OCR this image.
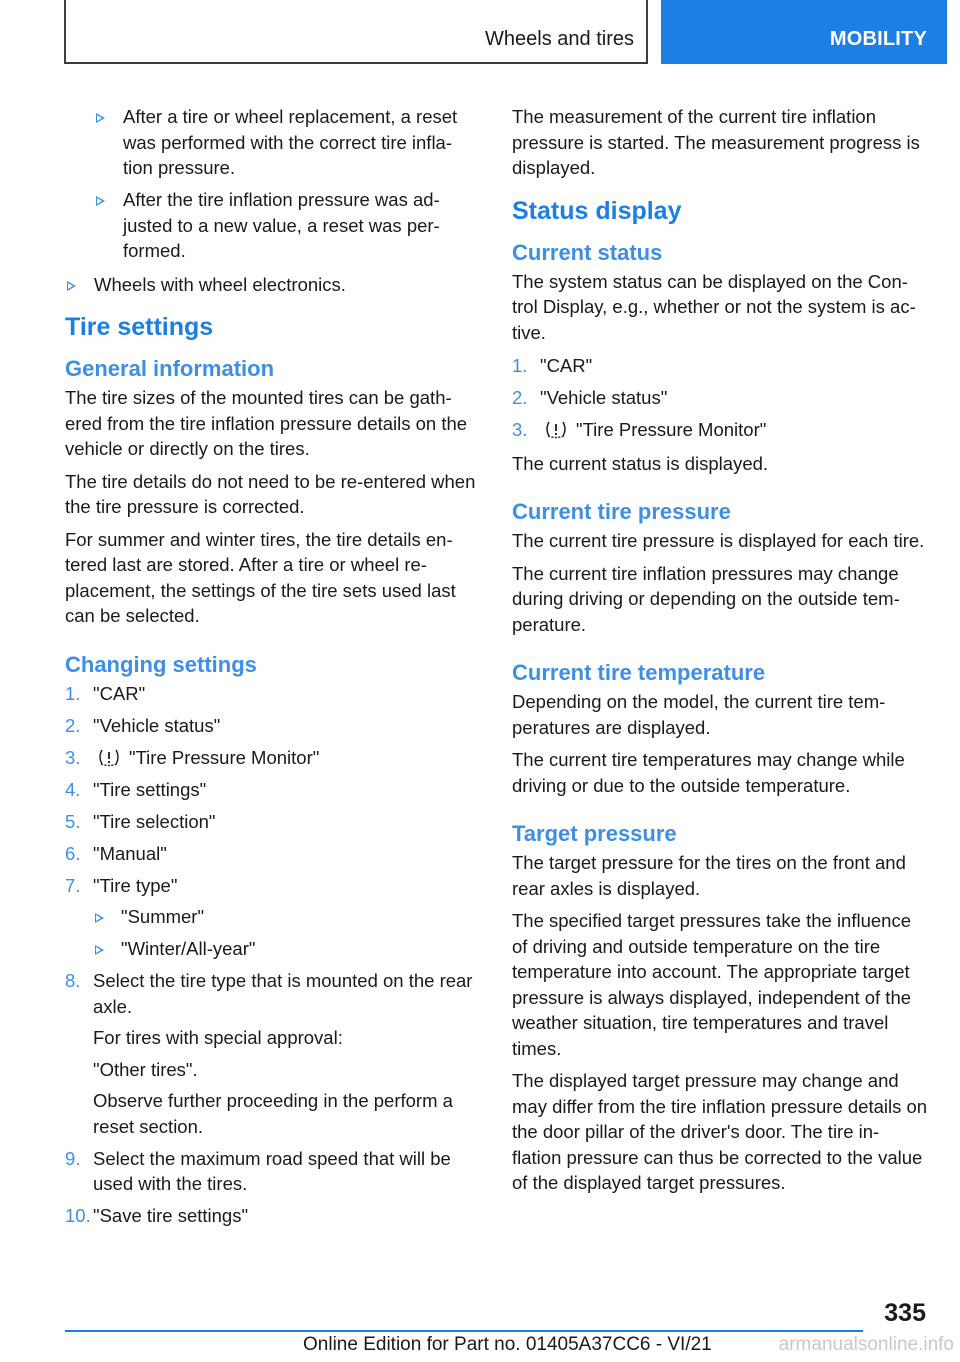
Wheels and tires	MOBILITY
After a tire or wheel replacement, a reset was performed with the correct tire infla- tion pressure.
After the tire inflation pressure was ad- justed to a new value, a reset was per- formed.
Wheels with wheel electronics.
Tire settings
General information

The tire sizes of the mounted tires can be gath- ered from the tire inflation pressure details on the vehicle or directly on the tires.

The tire details do not need to be re-entered when the tire pressure is corrected.

For summer and winter tires, the tire details en- tered last are stored. After a tire or wheel re- placement, the settings of the tire sets used last can be selected.

Changing settings
1. "CAR"
2. "Vehicle status"
3.	"Tire Pressure Monitor"
4. "Tire settings"
5. "Tire selection"
6. "Manual"
7. "Tire type"
"Summer"
"Winter/All-year"
8. Select the tire type that is mounted on the rear axle.
For tires with special approval:
"Other tires".
Observe further proceeding in the perform a reset section.
9. Select the maximum road speed that will be used with the tires.
10. "Save tire settings"

The measurement of the current tire inflation pressure is started. The measurement progress is displayed.

Status display
Current status

The system status can be displayed on the Con- trol Display, e.g., whether or not the system is ac- tive.

1. "CAR"
2. "Vehicle status"
3.	"Tire Pressure Monitor"

The current status is displayed.

Current tire pressure

The current tire pressure is displayed for each tire.

The current tire inflation pressures may change during driving or depending on the outside tem- perature.

Current tire temperature

Depending on the model, the current tire tem- peratures are displayed.

The current tire temperatures may change while driving or due to the outside temperature.

Target pressure

The target pressure for the tires on the front and rear axles is displayed.

The specified target pressures take the influence of driving and outside temperature on the tire temperature into account. The appropriate target pressure is always displayed, independent of the weather situation, tire temperatures and travel times.

The displayed target pressure may change and may differ from the tire inflation pressure details on the door pillar of the driver's door. The tire in- flation pressure can thus be corrected to the value of the displayed target pressures.

335
Online Edition for Part no. 01405A37CC6 - VI/21	armanualsonline.info
